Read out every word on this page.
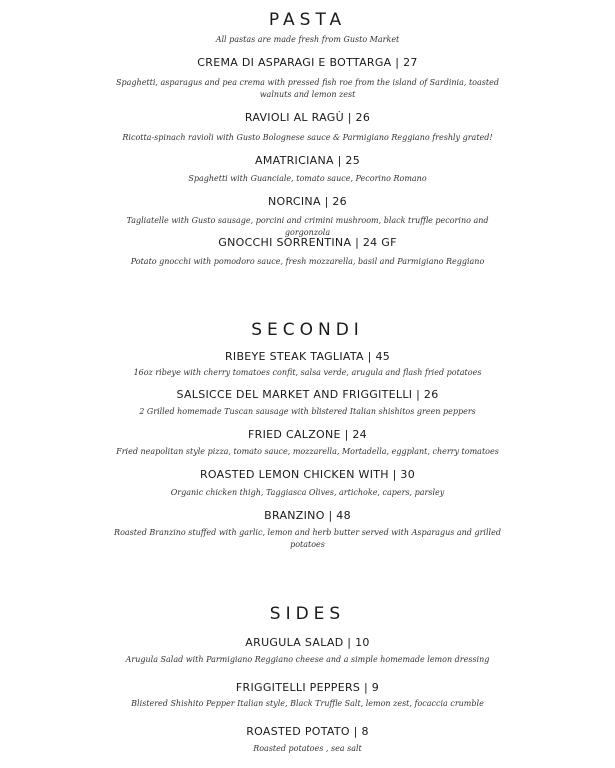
PASTA
All pastas are made fresh from Gusto Market
CREMA DI ASPARAGI E BOTTARGA | 27
Spaghetti, asparagus and pea crema with pressed fish roe from the island of Sardinia, toasted walnuts and lemon zest
RAVIOLI AL RAGÙ | 26
Ricotta-spinach ravioli with Gusto Bolognese sauce & Parmigiano Reggiano freshly grated!
AMATRICIANA | 25
Spaghetti with Guanciale, tomato sauce, Pecorino Romano
NORCINA | 26
Tagliatelle with Gusto sausage, porcini and crimini mushroom, black truffle pecorino and gorgonzola
GNOCCHI SORRENTINA | 24 GF
Potato gnocchi with pomodoro sauce, fresh mozzarella, basil and Parmigiano Reggiano
SECONDI
RIBEYE STEAK TAGLIATA | 45
16oz ribeye with cherry tomatoes confit, salsa verde, arugula and flash fried potatoes
SALSICCE DEL MARKET AND FRIGGITELLI | 26
2 Grilled homemade Tuscan sausage with blistered Italian shishitos green peppers
FRIED CALZONE | 24
Fried neapolitan style pizza, tomato sauce, mozzarella, Mortadella, eggplant, cherry tomatoes
ROASTED LEMON CHICKEN WITH | 30
Organic chicken thigh, Taggiasca Olives, artichoke, capers, parsley
BRANZINO | 48
Roasted Branzino stuffed with garlic, lemon and herb butter served with Asparagus and grilled potatoes
SIDES
ARUGULA SALAD | 10
Arugula Salad with Parmigiano Reggiano cheese and a simple homemade lemon dressing
FRIGGITELLI PEPPERS | 9
Blistered Shishito Pepper Italian style, Black Truffle Salt, lemon zest, focaccia crumble
ROASTED POTATO | 8
Roasted potatoes , sea salt
